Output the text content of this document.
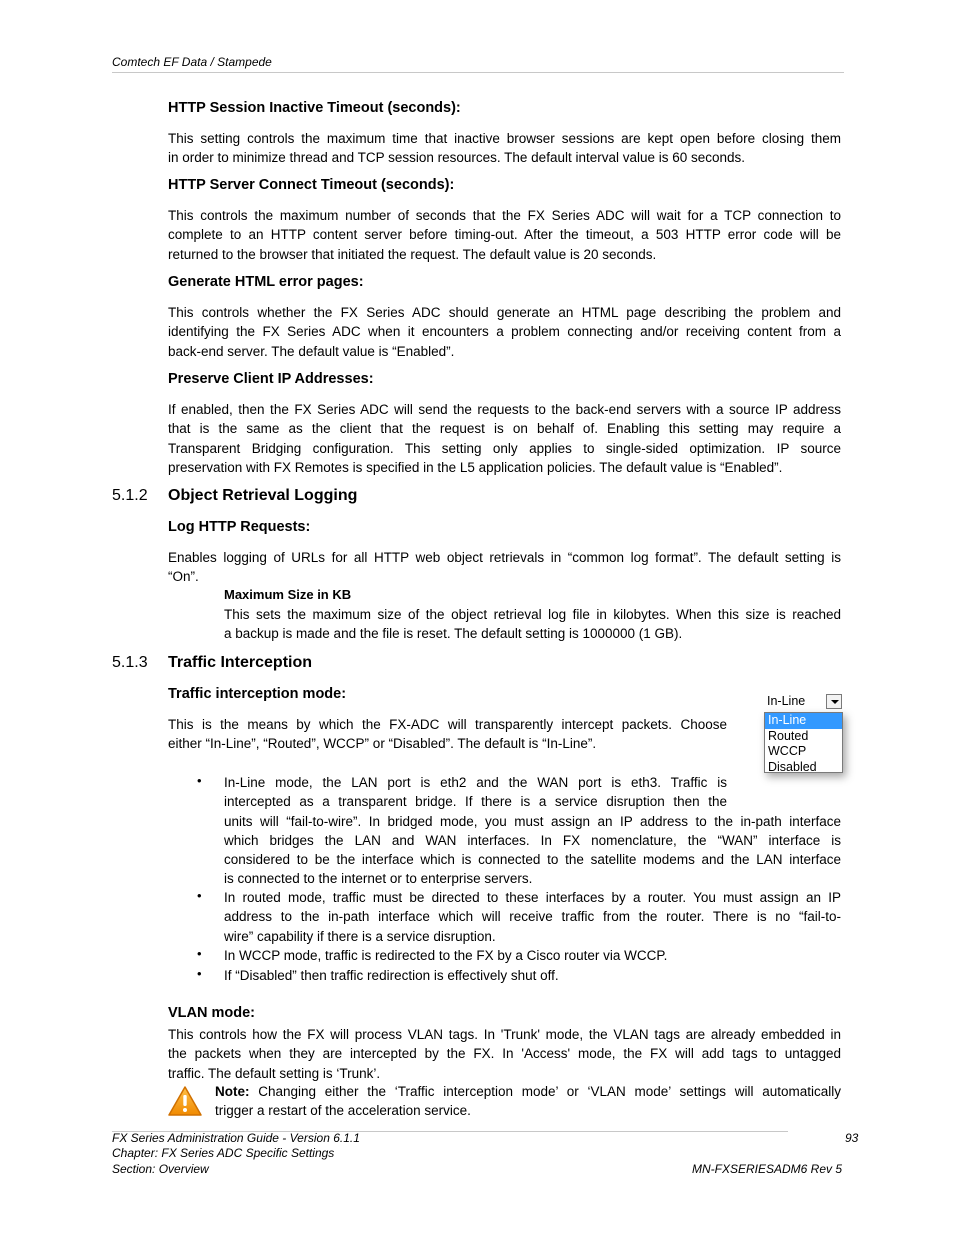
Comtech EF Data / Stampede
HTTP Session Inactive Timeout (seconds):
This setting controls the maximum time that inactive browser sessions are kept open before closing them
in order to minimize thread and TCP session resources. The default interval value is 60 seconds.
HTTP Server Connect Timeout (seconds):
This controls the maximum number of seconds that the FX Series ADC will wait for a TCP connection to
complete to an HTTP content server before timing-out. After the timeout, a 503 HTTP error code will be
returned to the browser that initiated the request. The default value is 20 seconds.
Generate HTML error pages:
This controls whether the FX Series ADC should generate an HTML page describing the problem and
identifying the FX Series ADC when it encounters a problem connecting and/or receiving content from a
back-end server. The default value is “Enabled”.
Preserve Client IP Addresses:
If enabled, then the FX Series ADC will send the requests to the back-end servers with a source IP address
that is the same as the client that the request is on behalf of. Enabling this setting may require a
Transparent Bridging configuration. This setting only applies to single-sided optimization. IP source
preservation with FX Remotes is specified in the L5 application policies. The default value is “Enabled”.
5.1.2 Object Retrieval Logging
Log HTTP Requests:
Enables logging of URLs for all HTTP web object retrievals in “common log format”. The default setting is
“On”.
Maximum Size in KB
This sets the maximum size of the object retrieval log file in kilobytes. When this size is reached
a backup is made and the file is reset. The default setting is 1000000 (1 GB).
5.1.3 Traffic Interception
Traffic interception mode:
This is the means by which the FX-ADC will transparently intercept packets. Choose
either “In-Line”, “Routed”, WCCP” or “Disabled”. The default is “In-Line”.
In-Line
In-Line
Routed
WCCP
Disabled
• In-Line mode, the LAN port is eth2 and the WAN port is eth3. Traffic is
intercepted as a transparent bridge. If there is a service disruption then the
units will “fail-to-wire”. In bridged mode, you must assign an IP address to the in-path interface
which bridges the LAN and WAN interfaces. In FX nomenclature, the “WAN” interface is
considered to be the interface which is connected to the satellite modems and the LAN interface
is connected to the internet or to enterprise servers.
• In routed mode, traffic must be directed to these interfaces by a router. You must assign an IP
address to the in-path interface which will receive traffic from the router. There is no “fail-to-
wire” capability if there is a service disruption.
• In WCCP mode, traffic is redirected to the FX by a Cisco router via WCCP.
• If “Disabled” then traffic redirection is effectively shut off.
VLAN mode:
This controls how the FX will process VLAN tags. In 'Trunk' mode, the VLAN tags are already embedded in
the packets when they are intercepted by the FX. In 'Access' mode, the FX will add tags to untagged
traffic. The default setting is ‘Trunk’.
Note: Changing either the ‘Traffic interception mode’ or ‘VLAN mode’ settings will automatically
trigger a restart of the acceleration service.
FX Series Administration Guide - Version 6.1.1
Chapter: FX Series ADC Specific Settings
Section: Overview
93
MN-FXSERIESADM6 Rev 5
